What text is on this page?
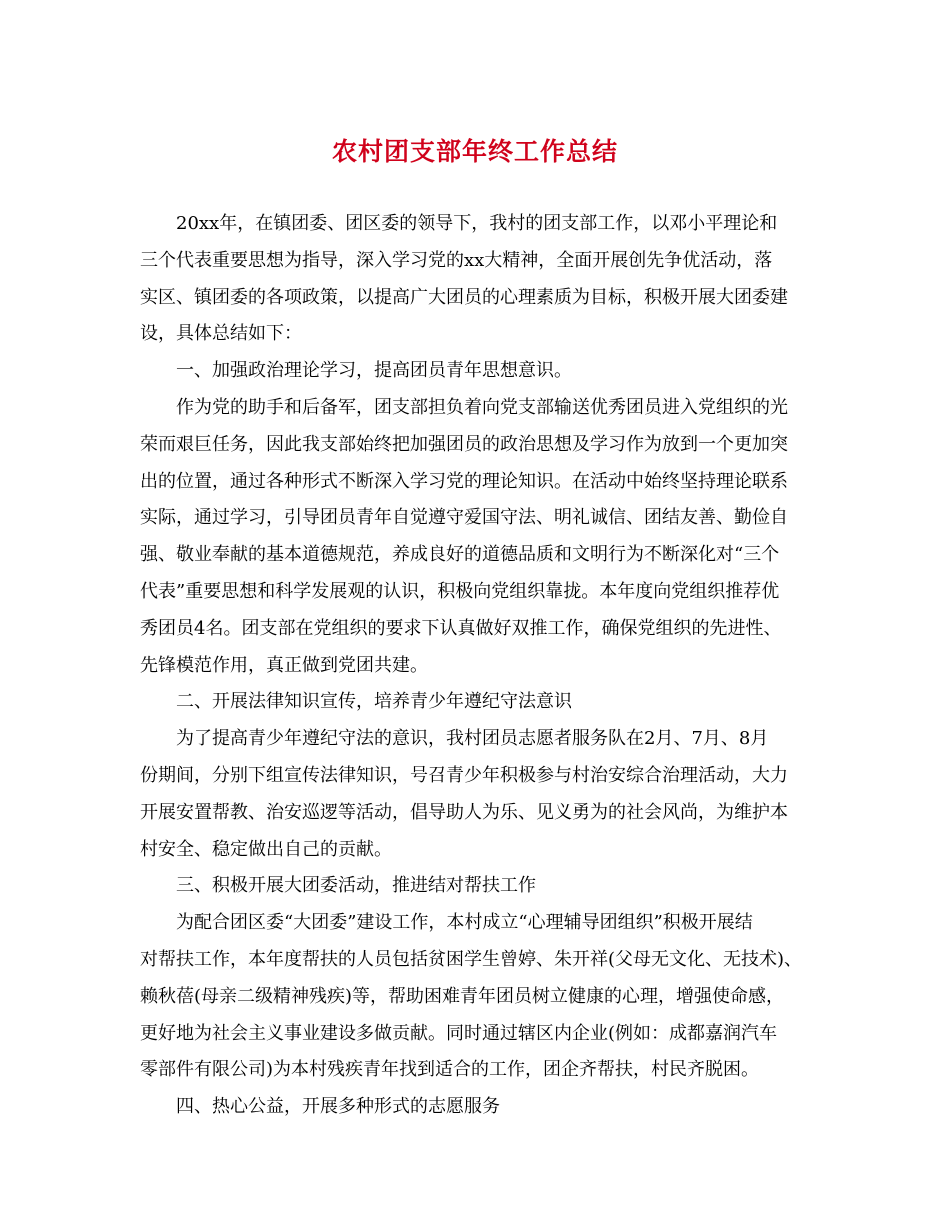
农村团支部年终工作总结
20xx年，在镇团委、团区委的领导下，我村的团支部工作，以邓小平理论和
三个代表重要思想为指导，深入学习党的xx大精神，全面开展创先争优活动，落
实区、镇团委的各项政策，以提高广大团员的心理素质为目标，积极开展大团委建
设，具体总结如下：
一、加强政治理论学习，提高团员青年思想意识。
作为党的助手和后备军，团支部担负着向党支部输送优秀团员进入党组织的光
荣而艰巨任务，因此我支部始终把加强团员的政治思想及学习作为放到一个更加突
出的位置，通过各种形式不断深入学习党的理论知识。在活动中始终坚持理论联系
实际，通过学习，引导团员青年自觉遵守爱国守法、明礼诚信、团结友善、勤俭自
强、敬业奉献的基本道德规范，养成良好的道德品质和文明行为不断深化对“三个
代表”重要思想和科学发展观的认识，积极向党组织靠拢。本年度向党组织推荐优
秀团员4名。团支部在党组织的要求下认真做好双推工作，确保党组织的先进性、
先锋模范作用，真正做到党团共建。
二、开展法律知识宣传，培养青少年遵纪守法意识
为了提高青少年遵纪守法的意识，我村团员志愿者服务队在2月、7月、8月
份期间，分别下组宣传法律知识，号召青少年积极参与村治安综合治理活动，大力
开展安置帮教、治安巡逻等活动，倡导助人为乐、见义勇为的社会风尚，为维护本
村安全、稳定做出自己的贡献。
三、积极开展大团委活动，推进结对帮扶工作
为配合团区委“大团委”建设工作，本村成立“心理辅导团组织”积极开展结
对帮扶工作，本年度帮扶的人员包括贫困学生曾婷、朱开祥(父母无文化、无技术)、
赖秋蓓(母亲二级精神残疾)等，帮助困难青年团员树立健康的心理，增强使命感，
更好地为社会主义事业建设多做贡献。同时通过辖区内企业(例如：成都嘉润汽车
零部件有限公司)为本村残疾青年找到适合的工作，团企齐帮扶，村民齐脱困。
四、热心公益，开展多种形式的志愿服务
